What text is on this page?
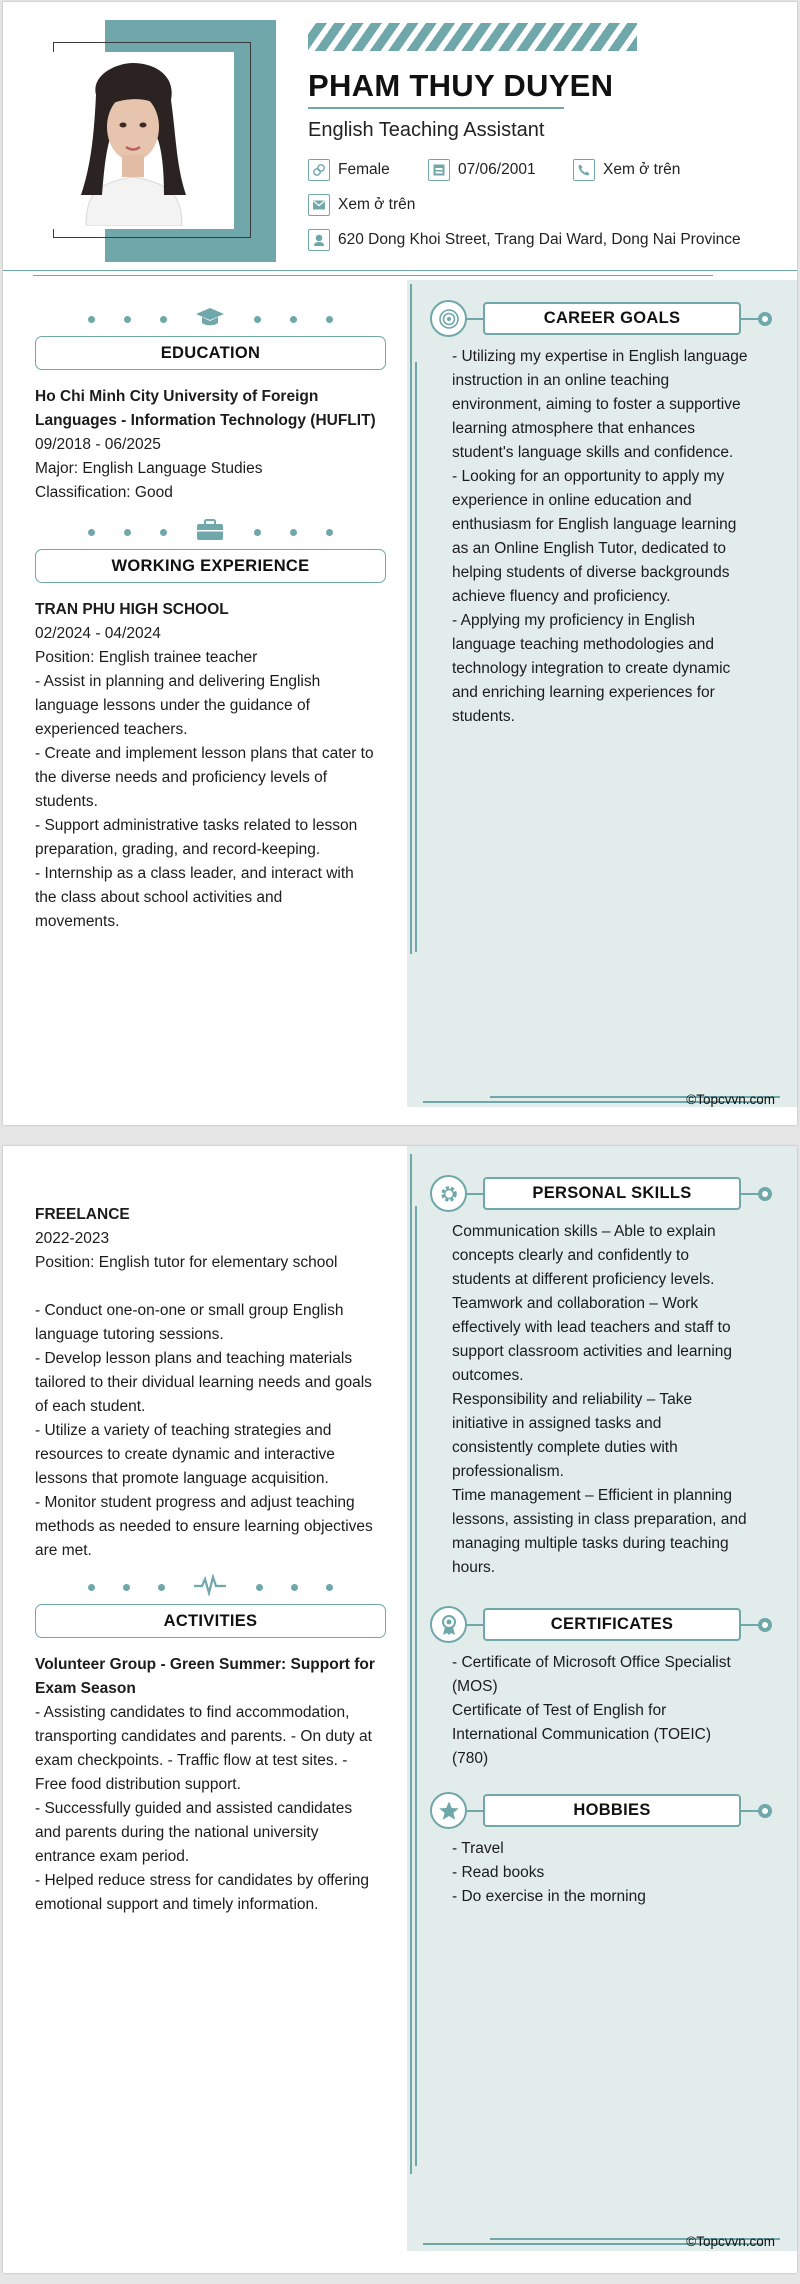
PHAM THUY DUYEN
English Teaching Assistant
Female	07/06/2001	Xem ở trên
Xem ở trên
620 Dong Khoi Street, Trang Dai Ward, Dong Nai Province
EDUCATION

Ho Chi Minh City University of Foreign

Languages - Information Technology (HUFLIT)

09/2018 - 06/2025

Major: English Language Studies

Classification: Good

WORKING EXPERIENCE

TRAN PHU HIGH SCHOOL

02/2024 - 04/2024

Position: English trainee teacher

- Assist in planning and delivering English

language lessons under the guidance of

experienced teachers.

- Create and implement lesson plans that cater to

the diverse needs and proficiency levels of

students.

- Support administrative tasks related to lesson

preparation, grading, and record-keeping.

- Internship as a class leader, and interact with

the class about school activities and

movements.

CAREER GOALS

- Utilizing my expertise in English language

instruction in an online teaching

environment, aiming to foster a supportive

learning atmosphere that enhances

student's language skills and confidence.

- Looking for an opportunity to apply my

experience in online education and

enthusiasm for English language learning

as an Online English Tutor, dedicated to

helping students of diverse backgrounds

achieve fluency and proficiency.

- Applying my proficiency in English

language teaching methodologies and

technology integration to create dynamic

and enriching learning experiences for

students.

©Topcvvn.com

FREELANCE

2022-2023

Position: English tutor for elementary school

- Conduct one-on-one or small group English

language tutoring sessions.

- Develop lesson plans and teaching materials

tailored to their dividual learning needs and goals

of each student.

- Utilize a variety of teaching strategies and

resources to create dynamic and interactive

lessons that promote language acquisition.

- Monitor student progress and adjust teaching

methods as needed to ensure learning objectives

are met.

ACTIVITIES

Volunteer Group - Green Summer: Support for

Exam Season

- Assisting candidates to find accommodation,

transporting candidates and parents. - On duty at

exam checkpoints. - Traffic flow at test sites. -

Free food distribution support.

- Successfully guided and assisted candidates

and parents during the national university

entrance exam period.

- Helped reduce stress for candidates by offering

emotional support and timely information.

PERSONAL SKILLS

Communication skills – Able to explain

concepts clearly and confidently to

students at different proficiency levels.

Teamwork and collaboration – Work

effectively with lead teachers and staff to

support classroom activities and learning

outcomes.

Responsibility and reliability – Take

initiative in assigned tasks and

consistently complete duties with

professionalism.

Time management – Efficient in planning

lessons, assisting in class preparation, and

managing multiple tasks during teaching

hours.

CERTIFICATES

- Certificate of Microsoft Office Specialist

(MOS)

Certificate of Test of English for

International Communication (TOEIC)

(780)

HOBBIES

- Travel

- Read books

- Do exercise in the morning

©Topcvvn.com
